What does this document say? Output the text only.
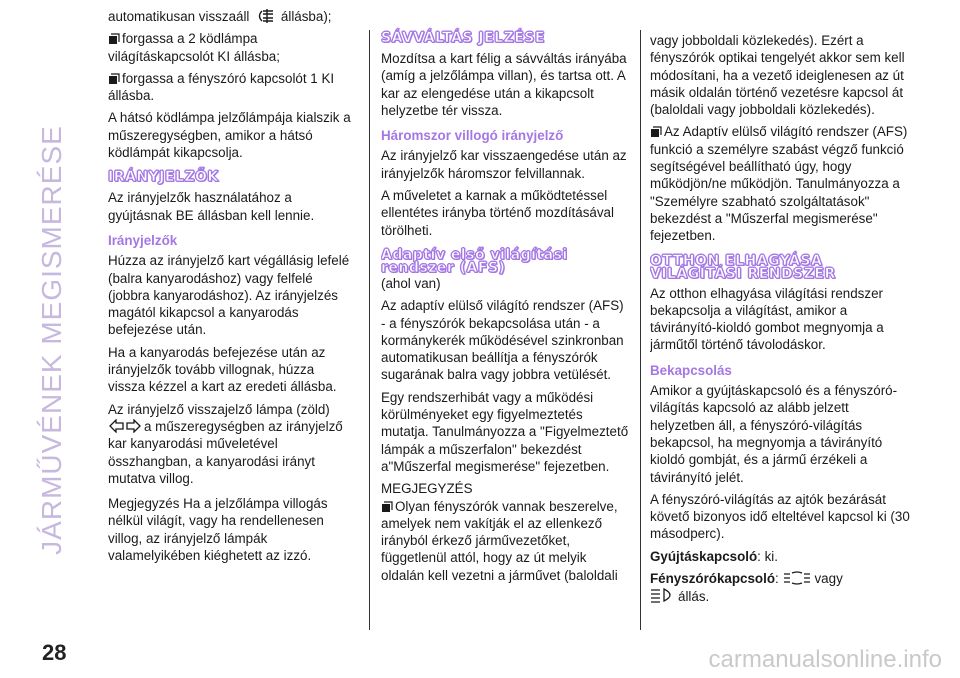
JÁRMŰVÉNEK MEGISMERÉSE

automatikusan visszaáll állásba);

forgassa a 2 ködlámpa világításkapcsolót KI állásba;

forgassa a fényszóró kapcsolót 1 KI állásba.

A hátsó ködlámpa jelzőlámpája kialszik a műszeregységben, amikor a hátsó ködlámpát kikapcsolja.

IRÁNYJELZŐK

Az irányjelzők használatához a gyújtásnak BE állásban kell lennie.

Irányjelzők

Húzza az irányjelző kart végállásig lefelé (balra kanyarodáshoz) vagy felfelé (jobbra kanyarodáshoz). Az irányjelzés magától kikapcsol a kanyarodás befejezése után.

Ha a kanyarodás befejezése után az irányjelzők tovább villognak, húzza vissza kézzel a kart az eredeti állásba.

Az irányjelző visszajelző lámpa (zöld)
a műszeregységben az irányjelző kar kanyarodási műveletével összhangban, a kanyarodási irányt mutatva villog.

Megjegyzés Ha a jelzőlámpa villogás nélkül világít, vagy ha rendellenesen villog, az irányjelző lámpák valamelyikében kiéghetett az izzó.

SÁVVÁLTÁS JELZÉSE

Mozdítsa a kart félig a sávváltás irányába (amíg a jelzőlámpa villan), és tartsa ott. A kar az elengedése után a kikapcsolt helyzetbe tér vissza.

Háromszor villogó irányjelző

Az irányjelző kar visszaengedése után az irányjelzők háromszor felvillannak.

A műveletet a karnak a működtetéssel ellentétes irányba történő mozdításával törölheti.

Adaptív első világítási
rendszer (AFS)

(ahol van)

Az adaptív elülső világító rendszer (AFS) - a fényszórók bekapcsolása után - a kormánykerék működésével szinkronban automatikusan beállítja a fényszórók sugarának balra vagy jobbra vetülését.

Egy rendszerhibát vagy a működési körülményeket egy figyelmeztetés mutatja. Tanulmányozza a "Figyelmeztető lámpák a műszerfalon" bekezdést a"Műszerfal megismerése" fejezetben.

MEGJEGYZÉS

Olyan fényszórók vannak beszerelve, amelyek nem vakítják el az ellenkező irányból érkező járművezetőket, függetlenül attól, hogy az út melyik oldalán kell vezetni a járművet (baloldali

vagy jobboldali közlekedés). Ezért a fényszórók optikai tengelyét akkor sem kell módosítani, ha a vezető ideiglenesen az út másik oldalán történő vezetésre kapcsol át (baloldali vagy jobboldali közlekedés).

Az Adaptív elülső világító rendszer (AFS) funkció a személyre szabást végző funkció segítségével beállítható úgy, hogy működjön/ne működjön. Tanulmányozza a "Személyre szabható szolgáltatások" bekezdést a "Műszerfal megismerése" fejezetben.

OTTHON ELHAGYÁSA
VILÁGÍTÁSI RENDSZER

Az otthon elhagyása világítási rendszer bekapcsolja a világítást, amikor a távirányító-kioldó gombot megnyomja a járműtől történő távolodáskor.

Bekapcsolás

Amikor a gyújtáskapcsoló és a fényszóró-világítás kapcsoló az alább jelzett helyzetben áll, a fényszóró-világítás bekapcsol, ha megnyomja a távirányító kioldó gombját, és a jármű érzékeli a távirányító jelét.

A fényszóró-világítás az ajtók bezárását követő bizonyos idő elteltével kapcsol ki (30 másodperc).

Gyújtáskapcsoló: ki.

Fényszórókapcsoló:	vagy
állás.

28	carmanualsonline.info
